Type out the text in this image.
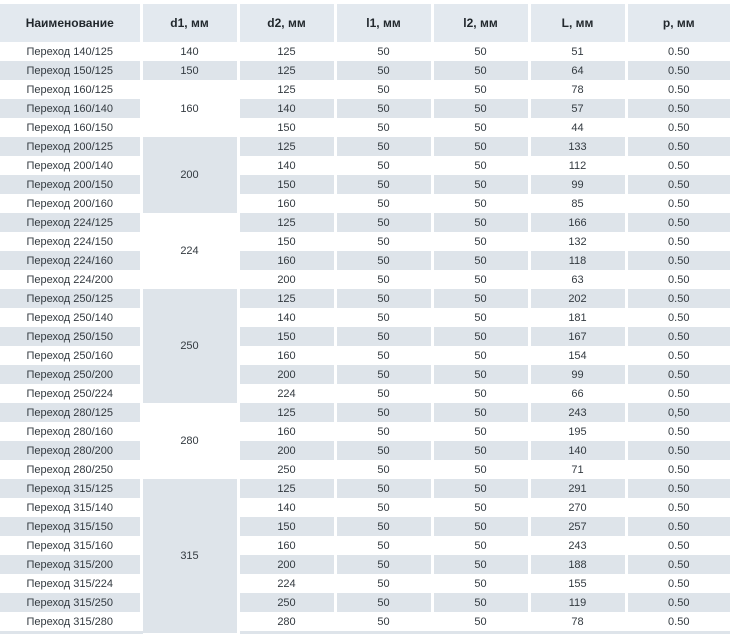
Наименование	d1, мм	d2, мм	l1, мм	l2, мм	L, мм	p, мм
Переход 140/125	140	125	50	50	51	0.50
Переход 150/125	150	125	50	50	64	0.50
Переход 160/125	160	125	50	50	78	0.50
Переход 160/140		140	50	50	57	0.50
Переход 160/150		150	50	50	44	0.50
Переход 200/125	200	125	50	50	133	0.50
Переход 200/140		140	50	50	112	0.50
Переход 200/150		150	50	50	99	0.50
Переход 200/160		160	50	50	85	0.50
Переход 224/125	224	125	50	50	166	0.50
Переход 224/150		150	50	50	132	0.50
Переход 224/160		160	50	50	118	0.50
Переход 224/200		200	50	50	63	0.50
Переход 250/125	250	125	50	50	202	0.50
Переход 250/140		140	50	50	181	0.50
Переход 250/150		150	50	50	167	0.50
Переход 250/160		160	50	50	154	0.50
Переход 250/200		200	50	50	99	0.50
Переход 250/224		224	50	50	66	0.50
Переход 280/125	280	125	50	50	243	0,50
Переход 280/160		160	50	50	195	0.50
Переход 280/200		200	50	50	140	0.50
Переход 280/250		250	50	50	71	0.50
Переход 315/125	315	125	50	50	291	0.50
Переход 315/140		140	50	50	270	0.50
Переход 315/150		150	50	50	257	0.50
Переход 315/160		160	50	50	243	0.50
Переход 315/200		200	50	50	188	0.50
Переход 315/224		224	50	50	155	0.50
Переход 315/250		250	50	50	119	0.50
Переход 315/280		280	50	50	78	0.50
